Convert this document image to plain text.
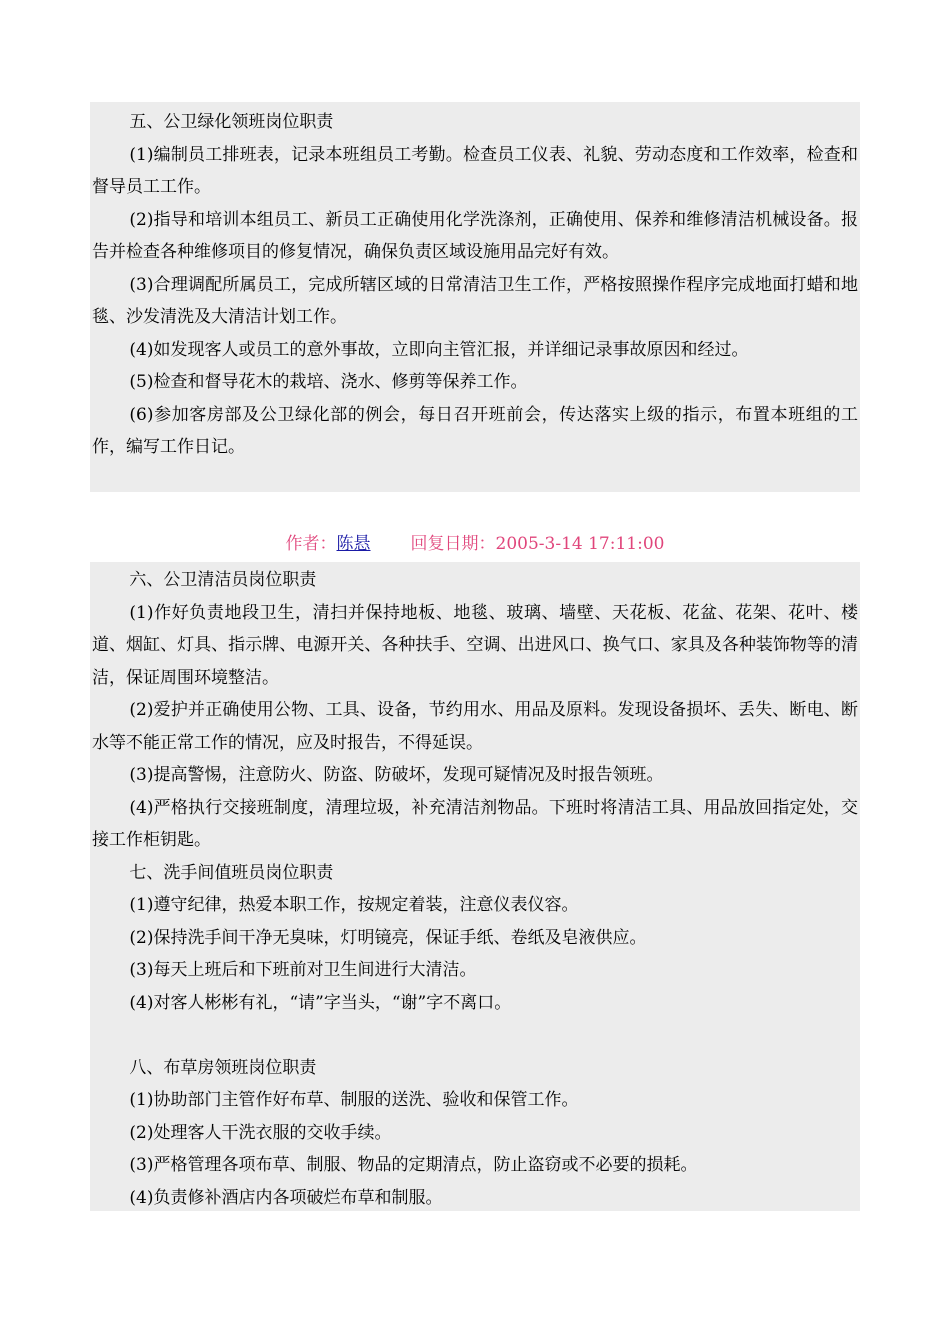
五、公卫绿化领班岗位职责

(1)编制员工排班表，记录本班组员工考勤。检查员工仪表、礼貌、劳动态度和工作效率，检查和督导员工工作。

(2)指导和培训本组员工、新员工正确使用化学洗涤剂，正确使用、保养和维修清洁机械设备。报告并检查各种维修项目的修复情况，确保负责区域设施用品完好有效。

(3)合理调配所属员工，完成所辖区域的日常清洁卫生工作，严格按照操作程序完成地面打蜡和地毯、沙发清洗及大清洁计划工作。

(4)如发现客人或员工的意外事故，立即向主管汇报，并详细记录事故原因和经过。

(5)检查和督导花木的栽培、浇水、修剪等保养工作。

(6)参加客房部及公卫绿化部的例会，每日召开班前会，传达落实上级的指示，布置本班组的工作，编写工作日记。

作者：陈悬 回复日期：2005-3-14 17:11:00

六、公卫清洁员岗位职责

(1)作好负责地段卫生，清扫并保持地板、地毯、玻璃、墙壁、天花板、花盆、花架、花叶、楼道、烟缸、灯具、指示牌、电源开关、各种扶手、空调、出进风口、换气口、家具及各种装饰物等的清洁，保证周围环境整洁。

(2)爱护并正确使用公物、工具、设备，节约用水、用品及原料。发现设备损坏、丢失、断电、断水等不能正常工作的情况，应及时报告，不得延误。

(3)提高警惕，注意防火、防盗、防破坏，发现可疑情况及时报告领班。

(4)严格执行交接班制度，清理垃圾，补充清洁剂物品。下班时将清洁工具、用品放回指定处，交接工作柜钥匙。

七、洗手间值班员岗位职责

(1)遵守纪律，热爱本职工作，按规定着装，注意仪表仪容。

(2)保持洗手间干净无臭味，灯明镜亮，保证手纸、卷纸及皂液供应。

(3)每天上班后和下班前对卫生间进行大清洁。

(4)对客人彬彬有礼，“请”字当头，“谢”字不离口。

八、布草房领班岗位职责

(1)协助部门主管作好布草、制服的送洗、验收和保管工作。

(2)处理客人干洗衣服的交收手续。

(3)严格管理各项布草、制服、物品的定期清点，防止盗窃或不必要的损耗。

(4)负责修补酒店内各项破烂布草和制服。
